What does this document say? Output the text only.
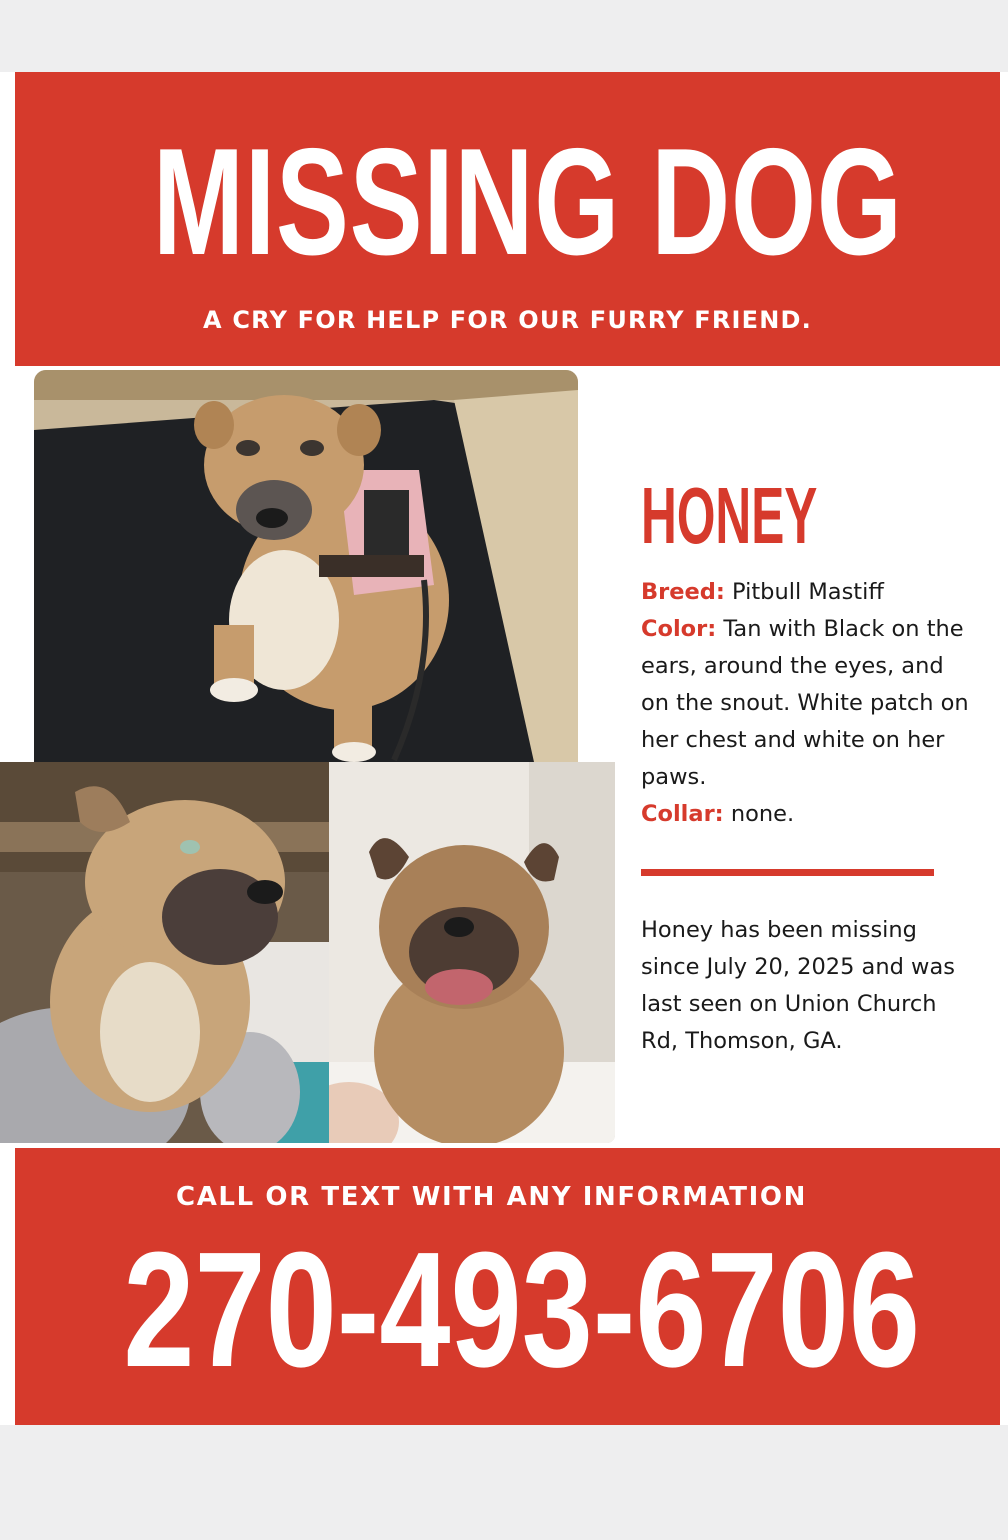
MISSING DOG
A CRY FOR HELP FOR OUR FURRY FRIEND.
HONEY
Breed: Pitbull Mastiff
Color: Tan with Black on the ears, around the eyes, and on the snout. White patch on her chest and white on her paws.
Collar: none.
Honey has been missing since July 20, 2025 and was last seen on Union Church Rd, Thomson, GA.
CALL OR TEXT WITH ANY INFORMATION
270-493-6706
